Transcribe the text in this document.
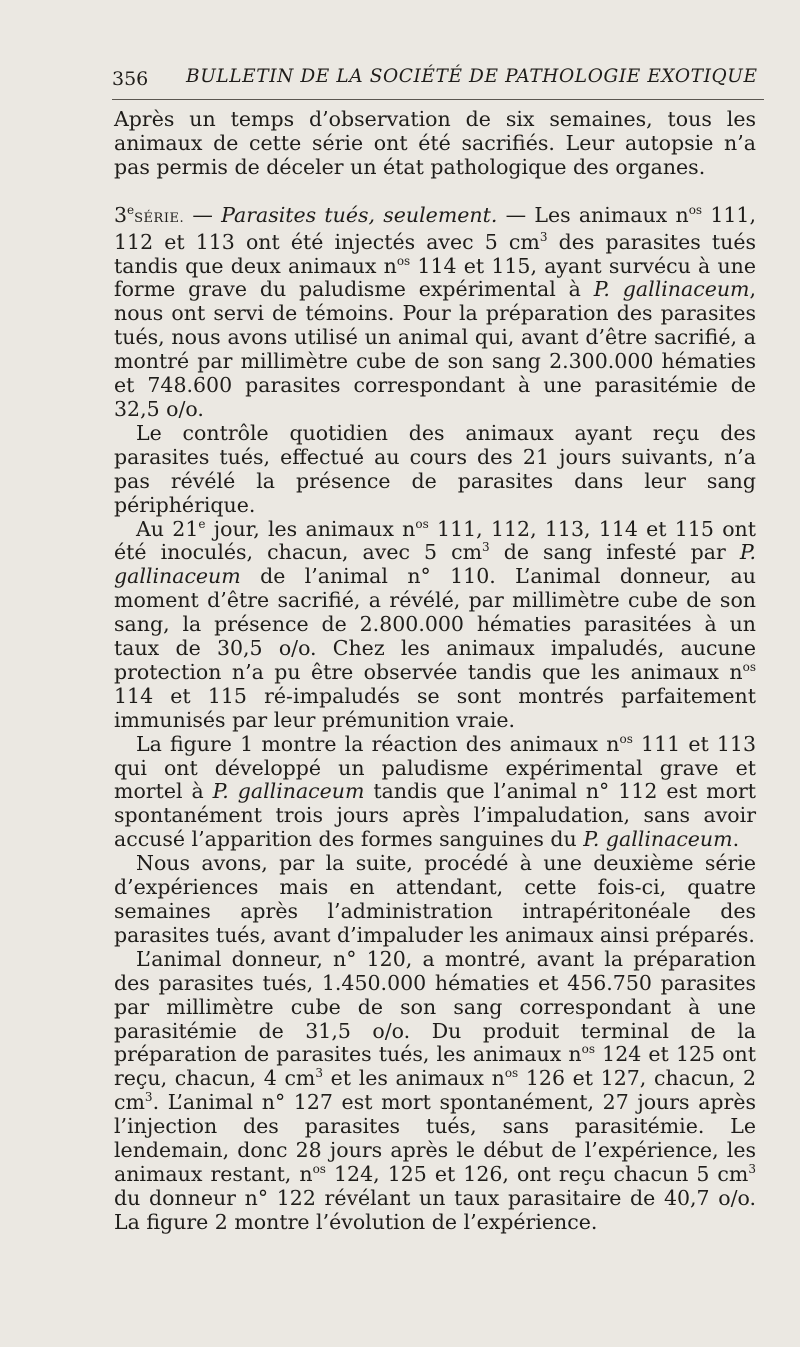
356 BULLETIN DE LA SOCIÉTÉ DE PATHOLOGIE EXOTIQUE

Après un temps d’observation de six semaines, tous les animaux de cette série ont été sacrifiés. Leur autopsie n’a pas permis de déceler un état pathologique des organes.

3eSÉRIE. — Parasites tués, seulement. — Les animaux $n^{os}$ 111, 112 et 113 ont été injectés avec 5 $cm^3$ des parasites tués tandis que deux animaux $n^{os}$ 114 et 115, ayant survécu à une forme grave du paludisme expérimental à P. gallinaceum, nous ont servi de témoins. Pour la préparation des parasites tués, nous avons utilisé un animal qui, avant d’être sacrifié, a montré par millimètre cube de son sang 2.300.000 hématies et 748.600 parasites correspondant à une parasitémie de 32,5 o/o.

Le contrôle quotidien des animaux ayant reçu des parasites tués, effectué au cours des 21 jours suivants, n’a pas révélé la présence de parasites dans leur sang périphérique.

Au 21e jour, les animaux $n^{os}$ 111, 112, 113, 114 et 115 ont été inoculés, chacun, avec 5 $cm^3$ de sang infesté par P. gallinaceum de l’animal n° 110. L’animal donneur, au moment d’être sacrifié, a révélé, par millimètre cube de son sang, la présence de 2.800.000 hématies parasitées à un taux de 30,5 o/o. Chez les animaux impaludés, aucune protection n’a pu être observée tandis que les animaux $n^{os}$ 114 et 115 ré-impaludés se sont montrés parfaitement immunisés par leur prémunition vraie.

La figure 1 montre la réaction des animaux $n^{os}$ 111 et 113 qui ont développé un paludisme expérimental grave et mortel à P. gallinaceum tandis que l’animal n° 112 est mort spontanément trois jours après l’impaludation, sans avoir accusé l’apparition des formes sanguines du P. gallinaceum.

Nous avons, par la suite, procédé à une deuxième série d’expériences mais en attendant, cette fois-ci, quatre semaines après l’administration intrapéritonéale des parasites tués, avant d’impaluder les animaux ainsi préparés.

L’animal donneur, n° 120, a montré, avant la préparation des parasites tués, 1.450.000 hématies et 456.750 parasites par millimètre cube de son sang correspondant à une parasitémie de 31,5 o/o. Du produit terminal de la préparation de parasites tués, les animaux $n^{os}$ 124 et 125 ont reçu, chacun, 4 $cm^3$ et les animaux $n^{os}$ 126 et 127, chacun, 2 $cm^3$. L’animal n° 127 est mort spontanément, 27 jours après l’injection des parasites tués, sans parasitémie. Le lendemain, donc 28 jours après le début de l’expérience, les animaux restant, $n^{os}$ 124, 125 et 126, ont reçu chacun 5 $cm^3$ du donneur n° 122 révélant un taux parasitaire de 40,7 o/o. La figure 2 montre l’évolution de l’expérience.
